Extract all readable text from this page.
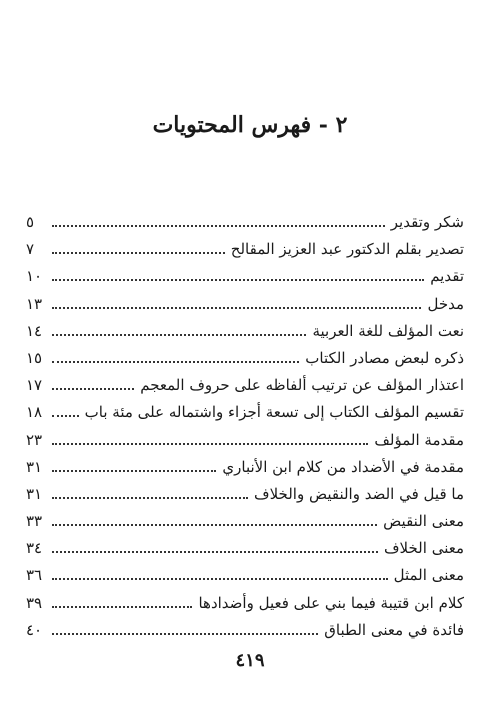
٢ - فهرس المحتويات
شكر وتقدير
٥
تصدير بقلم الدكتور عبد العزيز المقالح
٧
تقديم
١٠
مدخل
١٣
نعت المؤلف للغة العربية
١٤
ذكره لبعض مصادر الكتاب
١٥
اعتذار المؤلف عن ترتيب ألفاظه على حروف المعجم
١٧
تقسيم المؤلف الكتاب إلى تسعة أجزاء واشتماله على مئة باب
١٨
مقدمة المؤلف
٢٣
مقدمة في الأضداد من كلام ابن الأنباري
٣١
ما قيل في الضد والنقيض والخلاف
٣١
معنى النقيض
٣٣
معنى الخلاف
٣٤
معنى المثل
٣٦
كلام ابن قتيبة فيما بني على فعيل وأضدادها
٣٩
فائدة في معنى الطباق
٤٠
٤١٩
